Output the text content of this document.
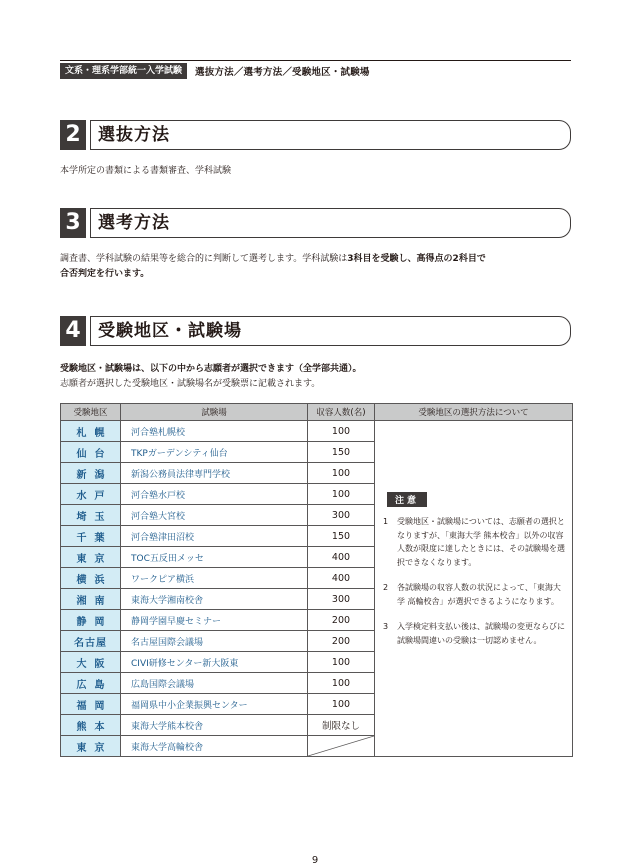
文系・理系学部統一入学試験	選抜方法／選考方法／受験地区・試験場
2	選抜方法
本学所定の書類による書類審査、学科試験
3	選考方法
調査書、学科試験の結果等を総合的に判断して選考します。学科試験は3科目を受験し、高得点の2科目で
合否判定を行います。
4	受験地区・試験場
受験地区・試験場は、以下の中から志願者が選択できます（全学部共通）。
志願者が選択した受験地区・試験場名が受験票に記載されます。
受験地区	試験場	収容人数(名)	受験地区の選択方法について
札幌	河合塾札幌校	100	
仙台	TKPガーデンシティ仙台	150	
新潟	新潟公務員法律専門学校	100	
水戸	河合塾水戸校	100	
埼玉	河合塾大宮校	300	
千葉	河合塾津田沼校	150	
東京	TOC五反田メッセ	400	
横浜	ワークピア横浜	400	
湘南	東海大学湘南校舎	300	
静岡	静岡学園早慶セミナー	200	
名古屋	名古屋国際会議場	200	
大阪	CIVI研修センター新大阪東	100	
広島	広島国際会議場	100	
福岡	福岡県中小企業振興センター	100	
熊本	東海大学熊本校舎	制限なし	
東京	東海大学高輪校舎	
注意
1	受験地区・試験場については、志願者の選択となりますが、「東海大学 熊本校舎」以外の収容人数が限度に達したときには、その試験場を選択できなくなります。
2	各試験場の収容人数の状況によって、「東海大学 高輪校舎」が選択できるようになります。
3	入学検定料支払い後は、試験場の変更ならびに試験場間違いの受験は一切認めません。
9
